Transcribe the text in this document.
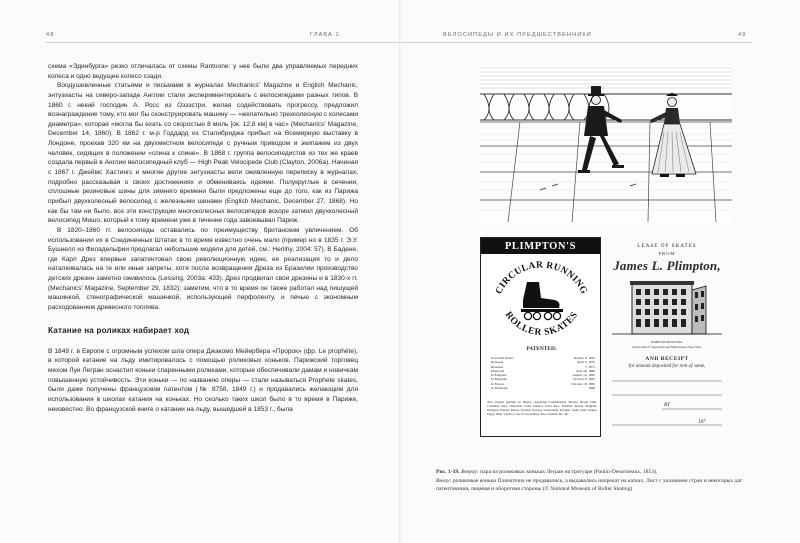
48	ГЛАВА 1	ВЕЛОСИПЕДЫ И ИХ ПРЕДШЕСТВЕННИКИ	49

схема «Эдинбурга» резко отличалась от схемы Rantoone: у нее были два управляемых передних колеса и одно ведущее колесо сзади.

Воодушевленные статьями и письмами в журналах Mechanics' Magazine и English Mechanic, энтузиасты на северо-западе Англии стали экспериментировать с велосипедами разных типов. В 1860 г. некий господин А. Росс из Оззэстри, желая содействовать прогрессу, предложил вознаграждение тому, кто мог бы сконструировать машину — «желательно трехколесную с колесами диаметра», которая «могла бы ехать со скоростью 8 миль [ок. 12,8 км] в час» (Mechanics' Magazine, December 14, 1860). В 1862 г. м-р Годдард из Сталибриджа прибыл на Всемирную выставку в Лондоне, проехав 320 км на двухместном велосипеде с ручным приводом и экипажем из двух человек, сидящих в положении «спина к спине». В 1868 г. группа велосипедистов из тех же краев создала первый в Англии велосипедный клуб — High Peak Velocipede Club (Clayton, 2006a). Начиная с 1867 г. Джеймс Хастингс и многие другие энтузиасты вели оживленную переписку в журналах, подробно рассказывая о своих достижениях и обмениваясь идеями. Полукруглые в сечении, сплошные резиновые шины для зимнего времени были предложены еще до того, как из Парижа прибыл двухколесный велосипед с железными шинами (English Mechanic, December 27, 1868). Но как бы там ни было, все эти конструкции многоколесных велосипедов вскоре затмил двухколесный велосипед Мишо, который к тому времени уже в течение года завоевывал Париж.

В 1820–1860 гг. велосипеды оставались по преимуществу британским увлечением. Об использовании их в Соединенных Штатах в то время известно очень мало (пример но в 1835 г. Э.У. Бушнелл из Филадельфии предлагал небольшие модели для детей, см.: Herlihy, 2004: 57). В Бадене, где Карл Дрез впервые запатентовал свою революционную идею, ее реализация то и дело наталкивалась на те или иные запреты, хотя после возвращения Дреза из Бразилии производство детских дрезин заметно оживилось (Lessing, 2003a: 433). Дрез продвигал свои дрезины и в 1830-х гг. (Mechanics' Magazine, September 29, 1832); заметим, что в то время он также работал над пишущей машинкой, стенографической машинкой, использующей перфоленту, и печью с экономным расходованием древесного топлива.

Катание на роликах набирает ход

В 1849 г. в Европе с огромным успехом шла опера Джакомо Мейербера «Пророк» (фр. Le prophète), в которой катание на льду имитировалось с помощью роликовых коньков. Парижский торговец мехом Луи Легран оснастил коньки спаренными роликами, которые обеспечивали дамам и новичкам повышенную устойчивость. Эти коньки — по названию оперы — стали называться Prophete skates, были даже получены французским патентом (№ 8758, 1849 г.) и продавались желающим для использования в школах катания на коньках. Но сколько таких школ было в то время в Париже, неизвестно. Во французской книге о катании на льду, вышедшей в 1853 г., была

PLIMPTON'S
CIRCULAR RUNNING
ROLLER SKATES
PATENTED:
In United States,	January 6, 1863
Reissued	April 9, 1870
Reissued	7, 1871
Improved	June 26, 1866
In England,	August 14, 1865
In Belgium,	October 6, 1865
In France,	October 18, 1865
In Denmark,	1866
Also, Patents pending for Mexico, Argentine Confederation, Bolivia, Brazil, Chili, Colombia, Peru, Venezuela, Cuba, Jamaica, Porto Rico, Trinidad, Austria, Belgium, Denmark, Prussia, Russia, Sweden, Norway, Switzerland, Portugal, Spain, Italy, Turkey, Egypt, India, Ceylon, Cape of Good Hope, New Zealand, &c., &c.
LEASE OF SKATES
FROM
James L. Plimpton,
PLIMPTON BUILDING,
Intersection of Stuyvesant and Ninth Streets, New York.
AND RECEIPT
for amount deposited for rent of same,
BY
187
Рис. 1-19. Вверху: пара на роликовых коньках Легран на тротуаре (Paulin-Desormeaux, 1853).
Внизу: роликовые коньки Плимптона не продавались, а выдавались напрокат на катках. Лист с указанием стран и некоторых дат патентования, лицевая и оборотная стороны (© National Museum of Roller Skating)
